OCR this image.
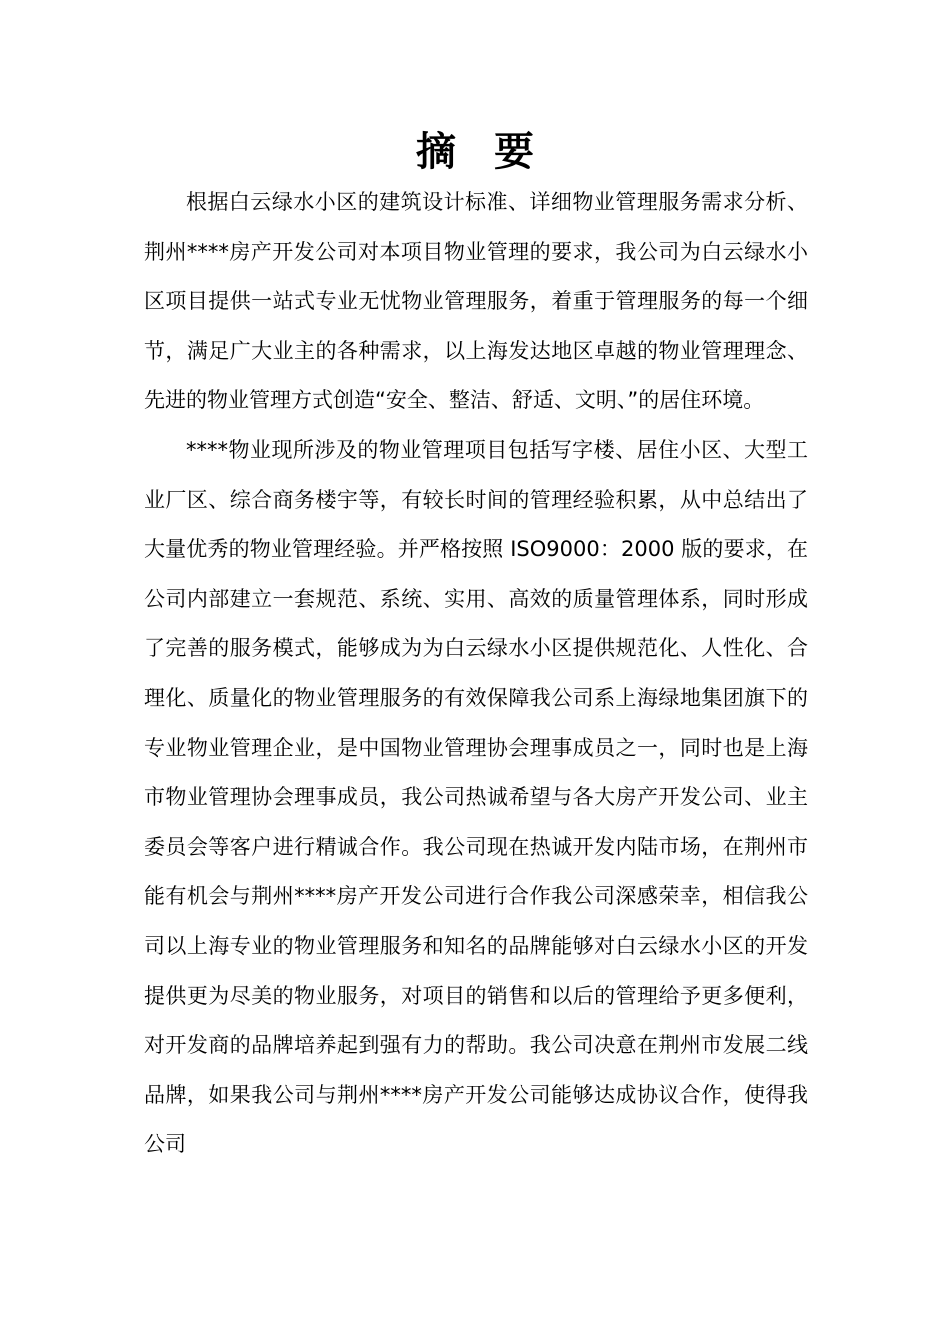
摘要

根据白云绿水小区的建筑设计标准、详细物业管理服务需求分析、荆州****房产开发公司对本项目物业管理的要求，我公司为白云绿水小区项目提供一站式专业无忧物业管理服务，着重于管理服务的每一个细节，满足广大业主的各种需求，以上海发达地区卓越的物业管理理念、先进的物业管理方式创造“安全、整洁、舒适、文明、”的居住环境。

****物业现所涉及的物业管理项目包括写字楼、居住小区、大型工业厂区、综合商务楼宇等，有较长时间的管理经验积累，从中总结出了大量优秀的物业管理经验。并严格按照 ISO9000：2000 版的要求，在公司内部建立一套规范、系统、实用、高效的质量管理体系，同时形成了完善的服务模式，能够成为为白云绿水小区提供规范化、人性化、合理化、质量化的物业管理服务的有效保障我公司系上海绿地集团旗下的专业物业管理企业，是中国物业管理协会理事成员之一，同时也是上海市物业管理协会理事成员，我公司热诚希望与各大房产开发公司、业主委员会等客户进行精诚合作。我公司现在热诚开发内陆市场，在荆州市能有机会与荆州****房产开发公司进行合作我公司深感荣幸，相信我公司以上海专业的物业管理服务和知名的品牌能够对白云绿水小区的开发提供更为尽美的物业服务，对项目的销售和以后的管理给予更多便利，对开发商的品牌培养起到强有力的帮助。我公司决意在荆州市发展二线品牌，如果我公司与荆州****房产开发公司能够达成协议合作，使得我公司
